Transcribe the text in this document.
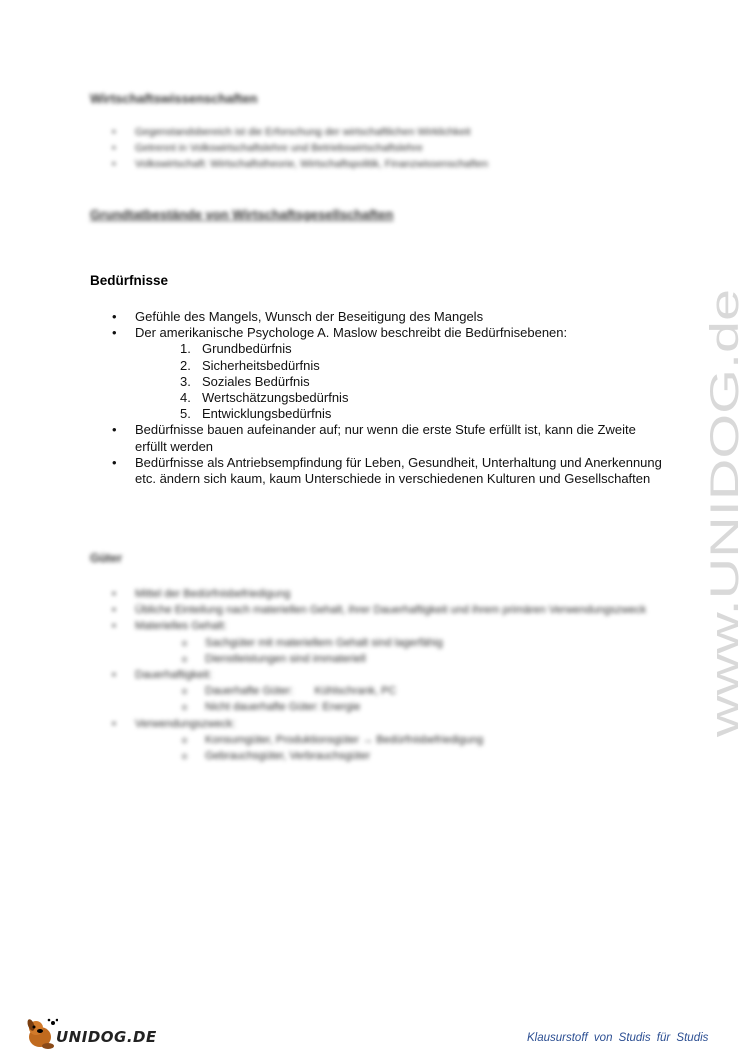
Wirtschaftswissenschaften
• Gegenstandsbereich ist die Erforschung der wirtschaftlichen Wirklichkeit
• Getrennt in Volkswirtschaftslehre und Betriebswirtschaftslehre
• Volkswirtschaft: Wirtschaftstheorie, Wirtschaftspolitik, Finanzwissenschaften
Grundtatbestände von Wirtschaftsgesellschaften
Bedürfnisse
• Gefühle des Mangels, Wunsch der Beseitigung des Mangels
• Der amerikanische Psychologe A. Maslow beschreibt die Bedürfnisebenen:
1. Grundbedürfnis
2. Sicherheitsbedürfnis
3. Soziales Bedürfnis
4. Wertschätzungsbedürfnis
5. Entwicklungsbedürfnis
• Bedürfnisse bauen aufeinander auf; nur wenn die erste Stufe erfüllt ist, kann die Zweite erfüllt werden
• Bedürfnisse als Antriebsempfindung für Leben, Gesundheit, Unterhaltung und Anerkennung etc. ändern sich kaum, kaum Unterschiede in verschiedenen Kulturen und Gesellschaften
Güter
• Mittel der Bedürfnisbefriedigung
• Übliche Einteilung nach materiellen Gehalt, ihrer Dauerhaftigkeit und ihrem primären Verwendungszweck
• Materielles Gehalt:
o Sachgüter mit materiellem Gehalt sind lagerfähig
o Dienstleistungen sind immateriell
• Dauerhaftigkeit:
o Dauerhafte Güter:       Kühlschrank, PC
o Nicht dauerhafte Güter: Energie
• Verwendungszweck:
o Konsumgüter, Produktionsgüter → Bedürfnisbefriedigung
o Gebrauchsgüter, Verbrauchsgüter
www.UNIDOG.de
UNIDOG.DE	Klausurstoff von Studis für Studis
